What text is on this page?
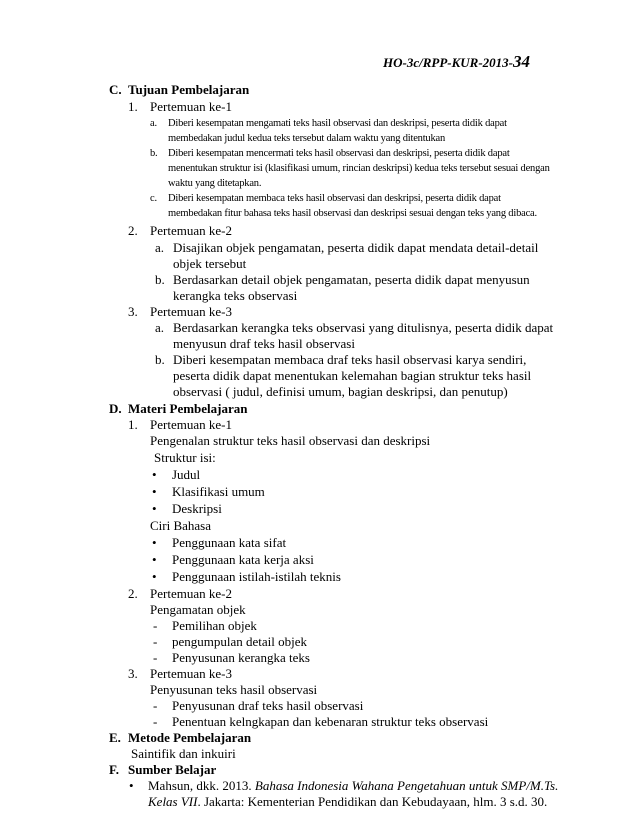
HO-3c/RPP-KUR-2013-34
C. Tujuan Pembelajaran
1. Pertemuan ke-1
a. Diberi kesempatan mengamati teks hasil observasi dan deskripsi, peserta didik dapat
membedakan judul kedua teks tersebut dalam waktu yang ditentukan
b. Diberi kesempatan mencermati teks hasil observasi dan deskripsi, peserta didik dapat
menentukan struktur isi (klasifikasi umum, rincian deskripsi) kedua teks tersebut sesuai dengan
waktu yang ditetapkan.
c. Diberi kesempatan membaca teks hasil observasi dan deskripsi, peserta didik dapat
membedakan fitur bahasa teks hasil observasi dan deskripsi sesuai dengan teks yang dibaca.
2. Pertemuan ke-2
a. Disajikan objek pengamatan, peserta didik dapat mendata detail-detail
objek tersebut
b. Berdasarkan detail objek pengamatan, peserta didik dapat menyusun
kerangka teks observasi
3. Pertemuan ke-3
a. Berdasarkan kerangka teks observasi yang ditulisnya, peserta didik dapat
menyusun draf teks hasil observasi
b. Diberi kesempatan membaca draf teks hasil observasi karya sendiri,
peserta didik dapat menentukan kelemahan bagian struktur teks hasil
observasi ( judul, definisi umum, bagian deskripsi, dan penutup)
D. Materi Pembelajaran
1. Pertemuan ke-1
Pengenalan struktur teks hasil observasi dan deskripsi
Struktur isi:
• Judul
• Klasifikasi umum
• Deskripsi
Ciri Bahasa
• Penggunaan kata sifat
• Penggunaan kata kerja aksi
• Penggunaan istilah-istilah teknis
2. Pertemuan ke-2
Pengamatan objek
- Pemilihan objek
- pengumpulan detail objek
- Penyusunan kerangka teks
3. Pertemuan ke-3
Penyusunan teks hasil observasi
- Penyusunan draf teks hasil observasi
- Penentuan kelngkapan dan kebenaran struktur teks observasi
E. Metode Pembelajaran
Saintifik dan inkuiri
F. Sumber Belajar
• Mahsun, dkk. 2013. Bahasa Indonesia Wahana Pengetahuan untuk SMP/M.Ts.
Kelas VII. Jakarta: Kementerian Pendidikan dan Kebudayaan, hlm. 3 s.d. 30.
